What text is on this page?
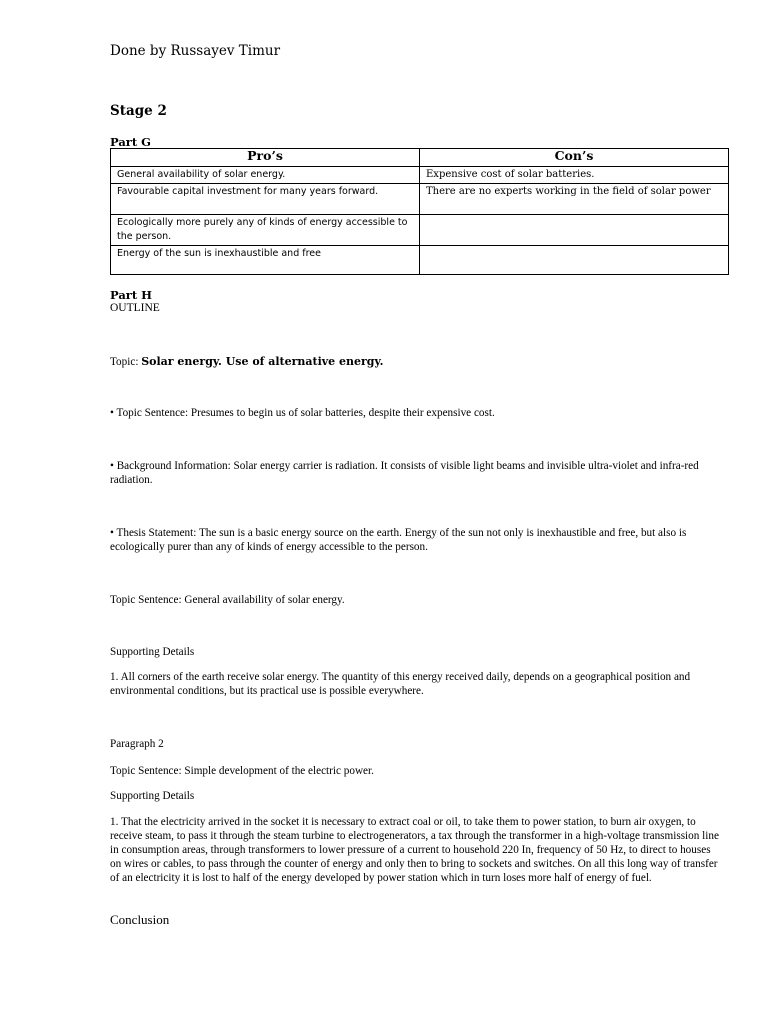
Done by Russayev Timur
Stage 2
Part G
Pro’s	Con’s
General availability of solar energy.	Expensive cost of solar batteries.
Favourable capital investment for many years forward.	There are no experts working in the field of solar power
Ecologically more purely any of kinds of energy accessible to the person.	
Energy of the sun is inexhaustible and free	
Part H
OUTLINE
Topic: Solar energy. Use of alternative energy.
• Topic Sentence: Presumes to begin us of solar batteries, despite their expensive cost.
• Background Information: Solar energy carrier is radiation. It consists of visible light beams and invisible ultra-violet and infra-red radiation.
• Thesis Statement: The sun is a basic energy source on the earth. Energy of the sun not only is inexhaustible and free, but also is ecologically purer than any of kinds of energy accessible to the person.
Topic Sentence: General availability of solar energy.
Supporting Details
1. All corners of the earth receive solar energy. The quantity of this energy received daily, depends on a geographical position and environmental conditions, but its practical use is possible everywhere.
Paragraph 2
Topic Sentence: Simple development of the electric power.
Supporting Details
1. That the electricity arrived in the socket it is necessary to extract coal or oil, to take them to power station, to burn air oxygen, to receive steam, to pass it through the steam turbine to electrogenerators, a tax through the transformer in a high-voltage transmission line in consumption areas, through transformers to lower pressure of a current to household 220 In, frequency of 50 Hz, to direct to houses on wires or cables, to pass through the counter of energy and only then to bring to sockets and switches. On all this long way of transfer of an electricity it is lost to half of the energy developed by power station which in turn loses more half of energy of fuel.
Conclusion
